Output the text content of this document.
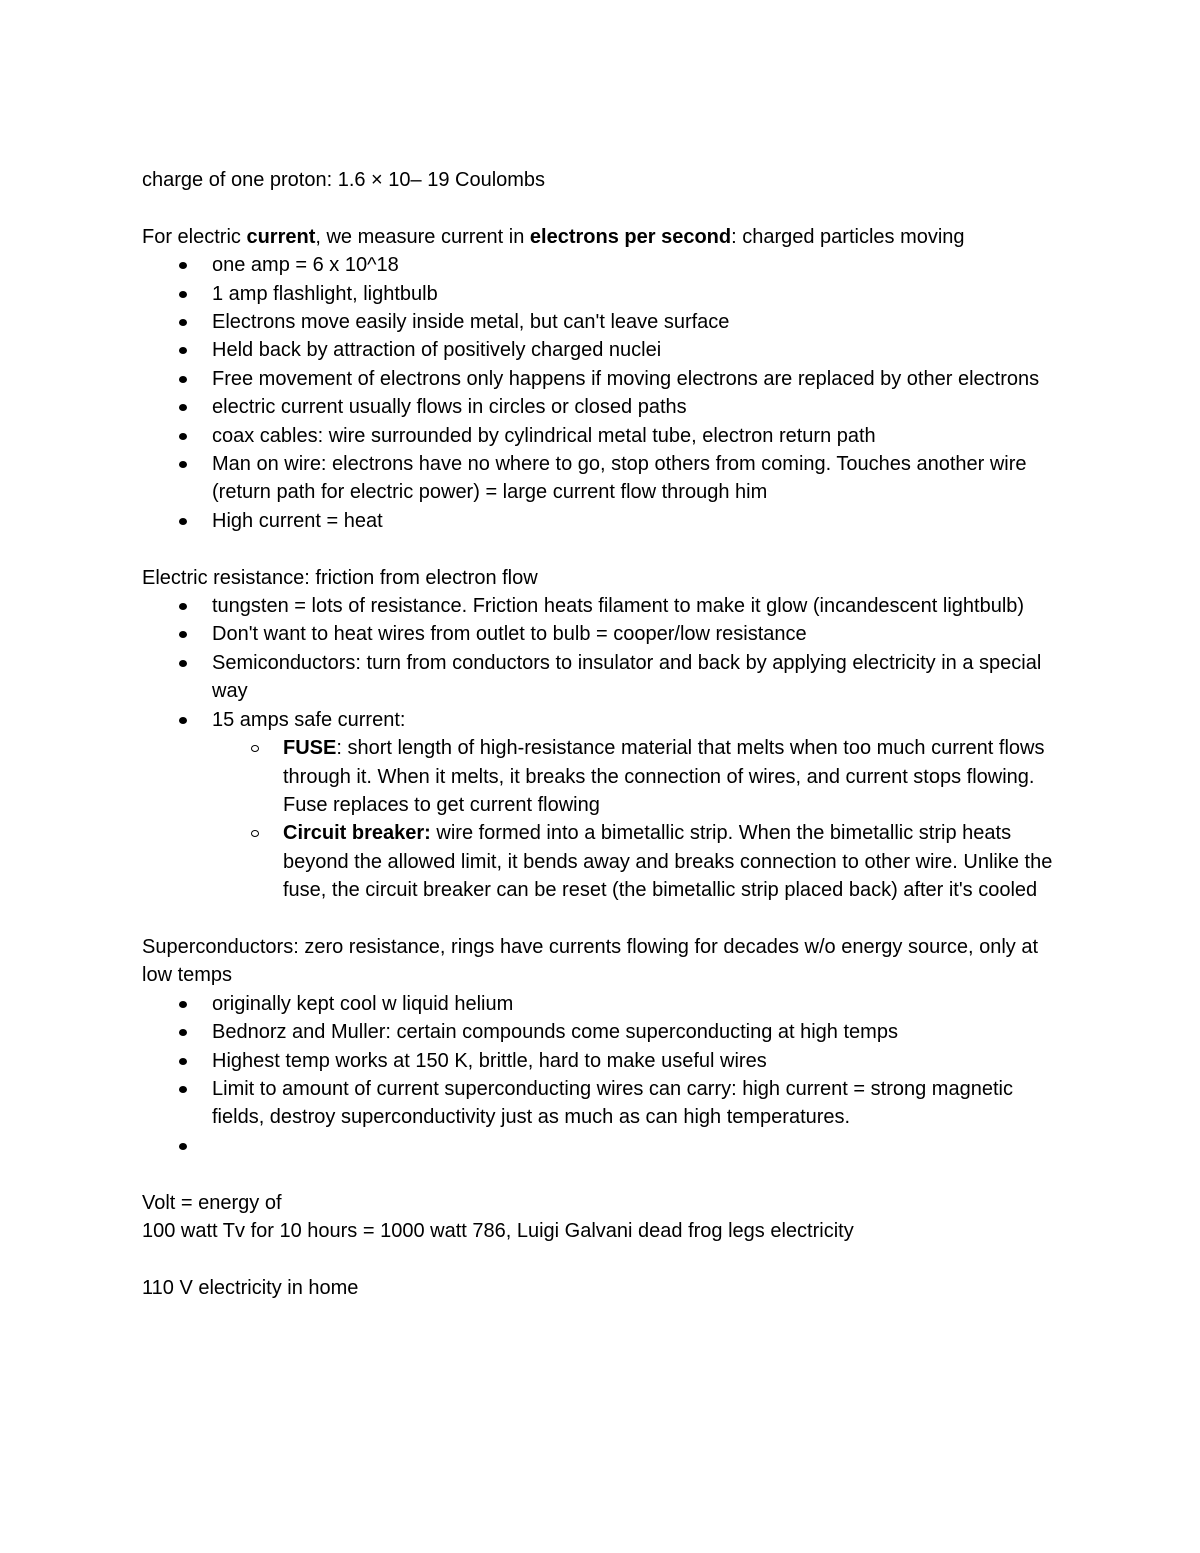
charge of one proton: 1.6 × 10– 19 Coulombs

For electric current, we measure current in electrons per second: charged particles moving

one amp = 6 x 10^18
1 amp flashlight, lightbulb
Electrons move easily inside metal, but can't leave surface
Held back by attraction of positively charged nuclei
Free movement of electrons only happens if moving electrons are replaced by other electrons
electric current usually flows in circles or closed paths
coax cables: wire surrounded by cylindrical metal tube, electron return path
Man on wire: electrons have no where to go, stop others from coming. Touches another wire (return path for electric power) = large current flow through him
High current = heat

Electric resistance: friction from electron flow

tungsten = lots of resistance. Friction heats filament to make it glow (incandescent lightbulb)
Don't want to heat wires from outlet to bulb = cooper/low resistance
Semiconductors: turn from conductors to insulator and back by applying electricity in a special way
15 amps safe current:
FUSE: short length of high-resistance material that melts when too much current flows through it. When it melts, it breaks the connection of wires, and current stops flowing. Fuse replaces to get current flowing
Circuit breaker: wire formed into a bimetallic strip. When the bimetallic strip heats beyond the allowed limit, it bends away and breaks connection to other wire. Unlike the fuse, the circuit breaker can be reset (the bimetallic strip placed back) after it's cooled

Superconductors: zero resistance, rings have currents flowing for decades w/o energy source, only at low temps

originally kept cool w liquid helium
Bednorz and Muller: certain compounds come superconducting at high temps
Highest temp works at 150 K, brittle, hard to make useful wires
Limit to amount of current superconducting wires can carry: high current = strong magnetic fields, destroy superconductivity just as much as can high temperatures.

Volt = energy of

100 watt Tv for 10 hours = 1000 watt 786, Luigi Galvani dead frog legs electricity

110 V electricity in home
